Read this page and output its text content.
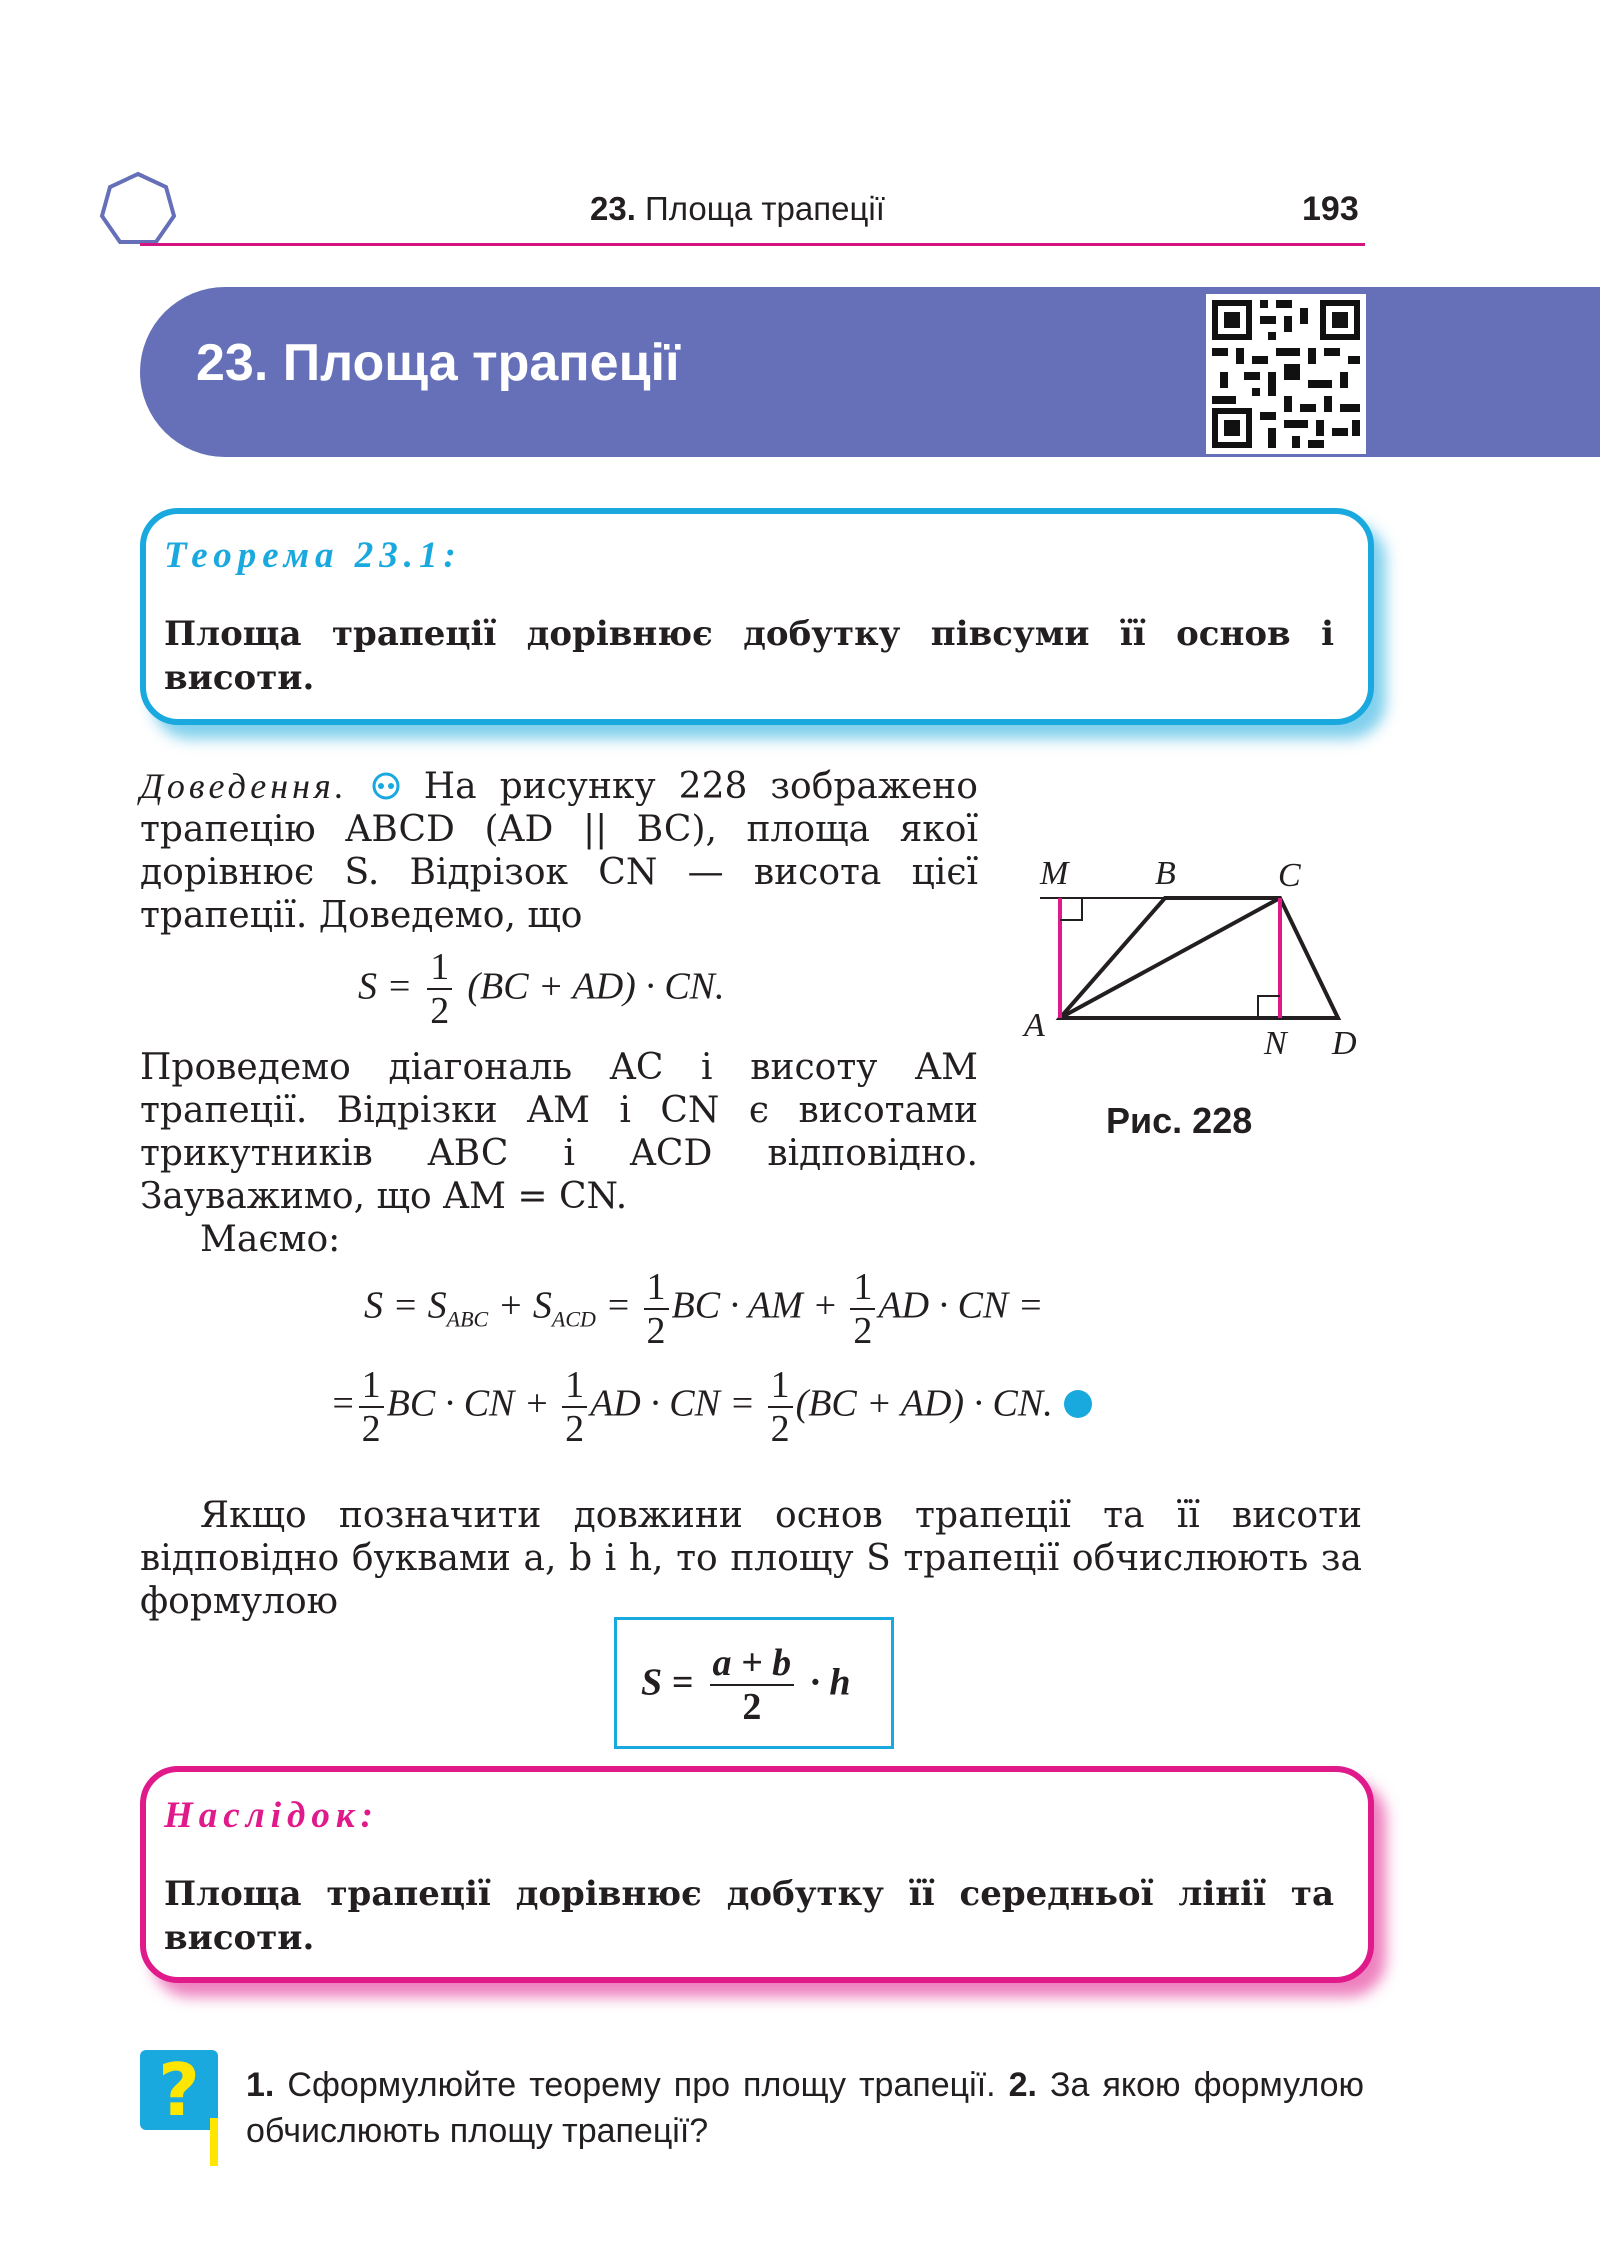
23. Площа трапеції	193
23. Площа трапеції
Теорема 23.1:
Площа трапеції дорівнює добутку півсуми її основ і висоти.
Доведення. На рисунку 228 зображено трапецію ABCD (AD || BC), площа якої дорівнює S. Відрізок CN — висота цієї трапеції. Доведемо, що
$S = \frac{1}{2} (BC + AD)$ · CN.
Проведемо діагональ AC і висоту AM трапеції. Відрізки AM і CN є висотами трикутників ABC і ACD відповідно. Зауважимо, що AM = CN.
Маємо:
M	B	C
A	N D
Рис. 228
$S = S_{ABC} + S_{ACD} = \frac{1}{2}$ BC · AM + $\frac{1}{2}$ AD · CN =
= $\frac{1}{2}$ BC · CN + $\frac{1}{2}$ AD · CN = $\frac{1}{2} (BC + AD)$ · CN.
Якщо позначити довжини основ трапеції та її висоти відповідно буквами a, b і h, то площу S трапеції обчислюють за формулою
$S = \frac{a + b}{2} \cdot h$
Наслідок:
Площа трапеції дорівнює добутку її середньої лінії та висоти.
?	1. Сформулюйте теорему про площу трапеції. 2. За якою формулою обчислюють площу трапеції?
